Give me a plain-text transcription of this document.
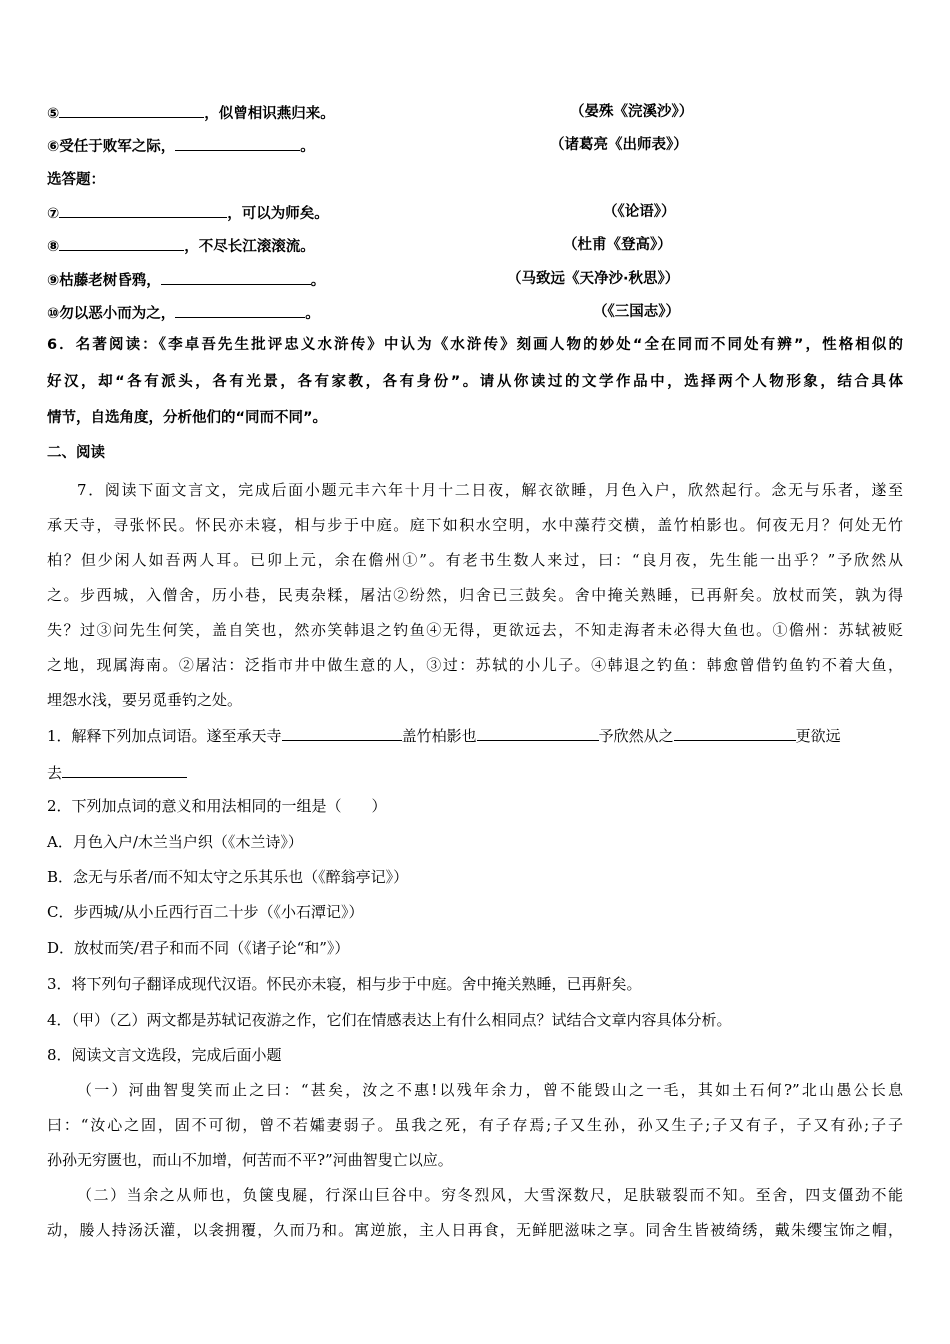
⑤	，似曾相识燕归来。	（晏殊《浣溪沙》）
⑥受任于败军之际，	。	（诸葛亮《出师表》）
选答题：
⑦	，可以为师矣。	（《论语》）
⑧	，不尽长江滚滚流。	（杜甫《登高》）
⑨枯藤老树昏鸦，	。	（马致远《天净沙·秋思》）
⑩勿以恶小而为之，	。	（《三国志》）
6．名著阅读：《李卓吾先生批评忠义水浒传》中认为《水浒传》刻画人物的妙处“全在同而不同处有辨”，性格相似的
好汉，却“各有派头，各有光景，各有家教，各有身份”。请从你读过的文学作品中，选择两个人物形象，结合具体
情节，自选角度，分析他们的“同而不同”。
二、阅读
7．阅读下面文言文，完成后面小题元丰六年十月十二日夜，解衣欲睡，月色入户，欣然起行。念无与乐者，遂至
承天寺，寻张怀民。怀民亦未寝，相与步于中庭。庭下如积水空明，水中藻荇交横，盖竹柏影也。何夜无月？何处无竹
柏？但少闲人如吾两人耳。已卯上元，余在儋州①”。有老书生数人来过，曰：“良月夜，先生能一出乎？”予欣然从
之。步西城，入僧舍，历小巷，民夷杂糅，屠沽②纷然，归舍已三鼓矣。舍中掩关熟睡，已再鼾矣。放杖而笑，孰为得
失？过③问先生何笑，盖自笑也，然亦笑韩退之钓鱼④无得，更欲远去，不知走海者未必得大鱼也。①儋州：苏轼被贬
之地，现属海南。②屠沽：泛指市井中做生意的人，③过：苏轼的小儿子。④韩退之钓鱼：韩愈曾借钓鱼钓不着大鱼，
埋怨水浅，要另觅垂钓之处。
1．解释下列加点词语。遂至承天寺	盖竹柏影也	予欣然从之	更欲远
去
2．下列加点词的意义和用法相同的一组是（　　）
A．月色入户/木兰当户织（《木兰诗》）
B．念无与乐者/而不知太守之乐其乐也（《醉翁亭记》）
C．步西城/从小丘西行百二十步（《小石潭记》）
D．放杖而笑/君子和而不同（《诸子论“和”》）
3．将下列句子翻译成现代汉语。怀民亦未寝，相与步于中庭。舍中掩关熟睡，已再鼾矣。
4．（甲）（乙）两文都是苏轼记夜游之作，它们在情感表达上有什么相同点？试结合文章内容具体分析。
8．阅读文言文选段，完成后面小题
（一）河曲智叟笑而止之曰：“甚矣，汝之不惠!以残年余力，曾不能毁山之一毛，其如土石何?”北山愚公长息
曰：“汝心之固，固不可彻，曾不若孀妻弱子。虽我之死，有子存焉;子又生孙，孙又生子;子又有子，子又有孙;子子
孙孙无穷匮也，而山不加增，何苦而不平?”河曲智叟亡以应。
（二）当余之从师也，负箧曳屣，行深山巨谷中。穷冬烈风，大雪深数尺，足肤皲裂而不知。至舍，四支僵劲不能
动，媵人持汤沃灌，以衾拥覆，久而乃和。寓逆旅，主人日再食，无鲜肥滋味之享。同舍生皆被绮绣，戴朱缨宝饰之帽，
